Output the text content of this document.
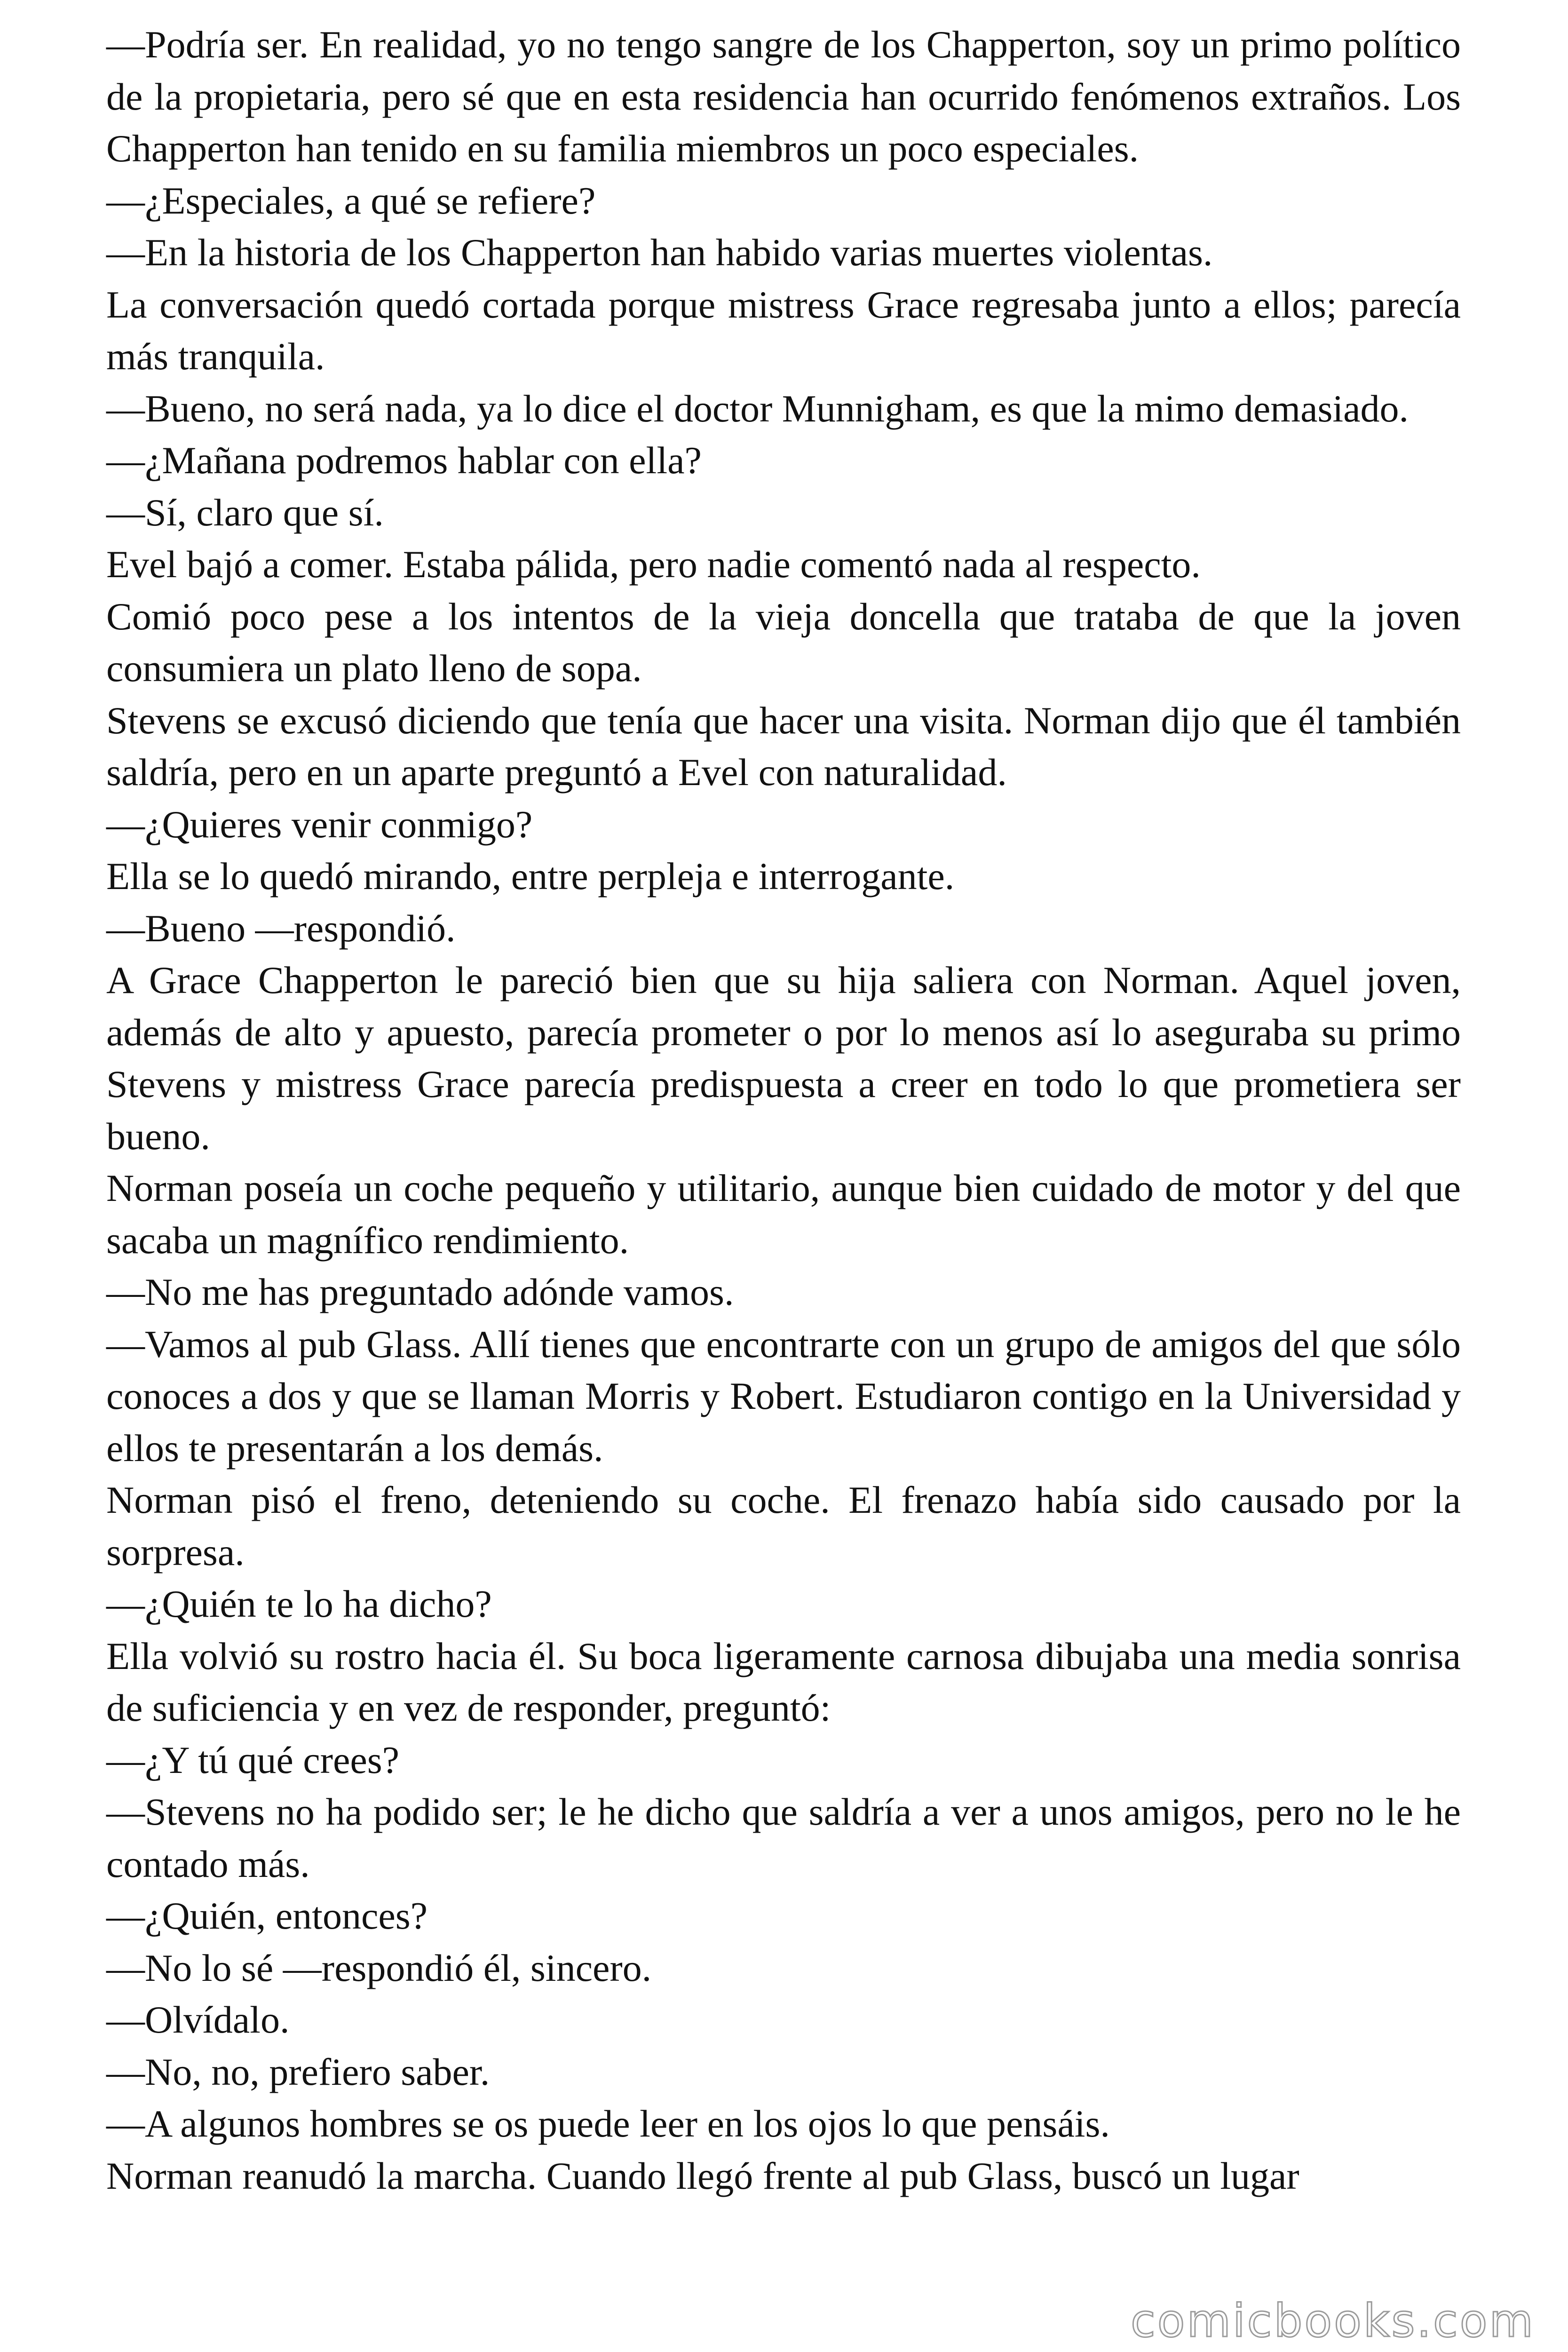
—Podría ser. En realidad, yo no tengo sangre de los Chapperton, soy un primo político de la propietaria, pero sé que en esta residencia han ocurrido fenómenos extraños. Los Chapperton han tenido en su familia miembros un poco especiales.

—¿Especiales, a qué se refiere?

—En la historia de los Chapperton han habido varias muertes violentas.

La conversación quedó cortada porque mistress Grace regresaba junto a ellos; parecía más tranquila.

—Bueno, no será nada, ya lo dice el doctor Munnigham, es que la mimo demasiado.

—¿Mañana podremos hablar con ella?

—Sí, claro que sí.

Evel bajó a comer. Estaba pálida, pero nadie comentó nada al respecto.

Comió poco pese a los intentos de la vieja doncella que trataba de que la joven consumiera un plato lleno de sopa.

Stevens se excusó diciendo que tenía que hacer una visita. Norman dijo que él también saldría, pero en un aparte preguntó a Evel con naturalidad.

—¿Quieres venir conmigo?

Ella se lo quedó mirando, entre perpleja e interrogante.

—Bueno —respondió.

A Grace Chapperton le pareció bien que su hija saliera con Norman. Aquel joven, además de alto y apuesto, parecía prometer o por lo menos así lo aseguraba su primo Stevens y mistress Grace parecía predispuesta a creer en todo lo que prometiera ser bueno.

Norman poseía un coche pequeño y utilitario, aunque bien cuidado de motor y del que sacaba un magnífico rendimiento.

—No me has preguntado adónde vamos.

—Vamos al pub Glass. Allí tienes que encontrarte con un grupo de amigos del que sólo conoces a dos y que se llaman Morris y Robert. Estudiaron contigo en la Universidad y ellos te presentarán a los demás.

Norman pisó el freno, deteniendo su coche. El frenazo había sido causado por la sorpresa.

—¿Quién te lo ha dicho?

Ella volvió su rostro hacia él. Su boca ligeramente carnosa dibujaba una media sonrisa de suficiencia y en vez de responder, preguntó:

—¿Y tú qué crees?

—Stevens no ha podido ser; le he dicho que saldría a ver a unos amigos, pero no le he contado más.

—¿Quién, entonces?

—No lo sé —respondió él, sincero.

—Olvídalo.

—No, no, prefiero saber.

—A algunos hombres se os puede leer en los ojos lo que pensáis.

Norman reanudó la marcha. Cuando llegó frente al pub Glass, buscó un lugar

comicbooks.com
